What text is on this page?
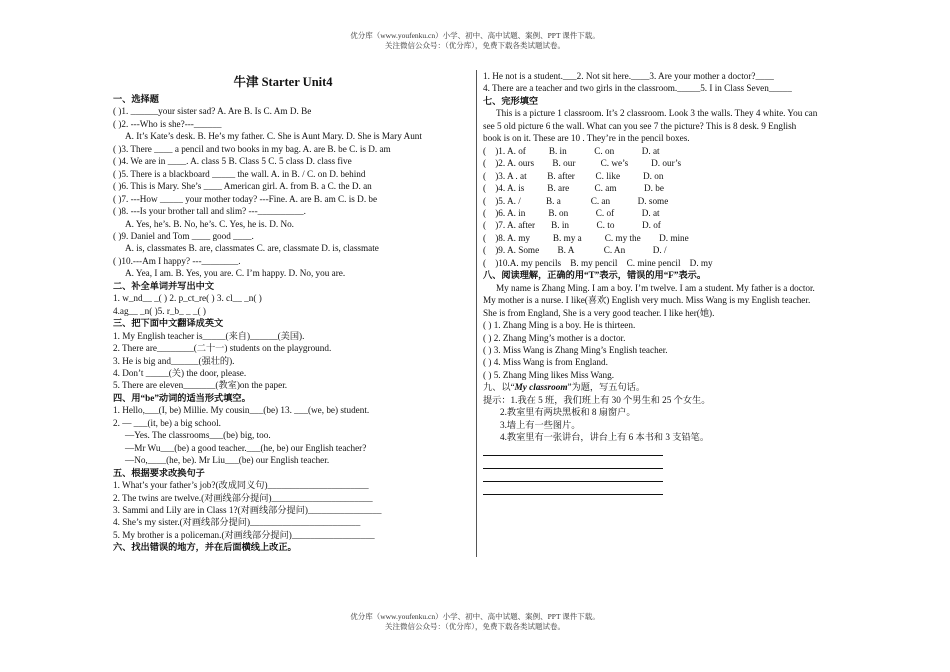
优分库（www.youfenku.cn）小学、初中、高中试题、案例、PPT 课件下载。
关注微信公众号：（优分库），免费下载各类试题试卷。
牛津 Starter Unit4
一、选择题
( )1. ______your sister sad? A. Are B. Is C. Am D. Be
( )2. ---Who is she?---______
A. It’s Kate’s desk. B. He’s my father. C. She is Aunt Mary. D. She is Mary Aunt
( )3. There ____ a pencil and two books in my bag. A. are B. be C. is D. am
( )4. We are in ____. A. class 5 B. Class 5 C. 5 class D. class five
( )5. There is a blackboard _____ the wall. A. in B. / C. on D. behind
( )6. This is Mary. She’s ____ American girl. A. from B. a C. the D. an
( )7. ---How _____ your mother today? ---Fine. A. are B. am C. is D. be
( )8. ---Is your brother tall and slim? ---__________.
A. Yes, he’s. B. No, he’s. C. Yes, he is. D. No.
( )9. Daniel and Tom ____ good ____.
A. is, classmates B. are, classmates C. are, classmate D. is, classmate
( )10.---Am I happy? ---________.
A. Yea, I am. B. Yes, you are. C. I’m happy. D. No, you are.
二、补全单词并写出中文
1. w_nd__ _( ) 2. p_ct_re( ) 3. cl__ _n( )
4.ag__ _n( )5. r_b_ _ _( )
三、把下面中文翻译成英文
1. My English teacher is_____(来自)______(美国).
2. There are________(二十一) students on the playground.
3. He is big and______(强壮的).
4. Don’t _____(关) the door, please.
5. There are eleven_______(教室)on the paper.
四、用“be”动词的适当形式填空。
1. Hello,___(I, be) Millie. My cousin___(be) 13. ___(we, be) student.
2. — ___(it, be) a big school.
—Yes. The classrooms___(be) big, too.
—Mr Wu___(be) a good teacher.___(he, be) our English teacher?
—No,____(he, be). Mr Liu___(be) our English teacher.
五、根据要求改换句子
1. What’s your father’s job?(改成同义句)______________________
2. The twins are twelve.(对画线部分提问)______________________
3. Sammi and Lily are in Class 1?(对画线部分提问)________________
4. She’s my sister.(对画线部分提问)________________________
5. My brother is a policeman.(对画线部分提问)__________________
六、找出错误的地方，并在后面横线上改正。
1. He not is a student.___2. Not sit here.____3. Are your mother a doctor?____
4. There are a teacher and two girls in the classroom._____5. I in Class Seven_____
七、完形填空
This is a picture 1 classroom. It’s 2 classroom. Look 3 the walls. They 4 white. You can
see 5 old picture 6 the wall. What can you see 7 the picture? This is 8 desk. 9 English
book is on it. These are 10 . They’re in the pencil boxes.
(    )1. A. of          B. in            C. on            D. at
(    )2. A. ours        B. our           C. we’s          D. our’s
(    )3. A . at         B. after         C. like          D. on
(    )4. A. is          B. are           C. am            D. be
(    )5. A. /           B. a             C. an            D. some
(    )6. A. in          B. on            C. of            D. at
(    )7. A. after       B. in            C. to            D. of
(    )8. A. my          B. my a          C. my the        D. mine
(    )9. A. Some        B. A             C. An            D. /
(    )10.A. my pencils    B. my pencil    C. mine pencil    D. my
八、阅读理解，正确的用“T”表示，错误的用“F”表示。
My name is Zhang Ming. I am a boy. I’m twelve. I am a student. My father is a doctor.
My mother is a nurse. I like(喜欢) English very much. Miss Wang is my English teacher.
She is from England, She is a very good teacher. I like her(她).
( ) 1. Zhang Ming is a boy. He is thirteen.
( ) 2. Zhang Ming’s mother is a doctor.
( ) 3. Miss Wang is Zhang Ming’s English teacher.
( ) 4. Miss Wang is from England.
( ) 5. Zhang Ming likes Miss Wang.
九、以“My classroom”为题，写五句话。
提示：1.我在 5 班，我们班上有 30 个男生和 25 个女生。
2.教室里有两块黑板和 8 扇窗户。
3.墙上有一些图片。
4.教室里有一张讲台，讲台上有 6 本书和 3 支铅笔。
优分库（www.youfenku.cn）小学、初中、高中试题、案例、PPT 课件下载。
关注微信公众号：（优分库），免费下载各类试题试卷。
